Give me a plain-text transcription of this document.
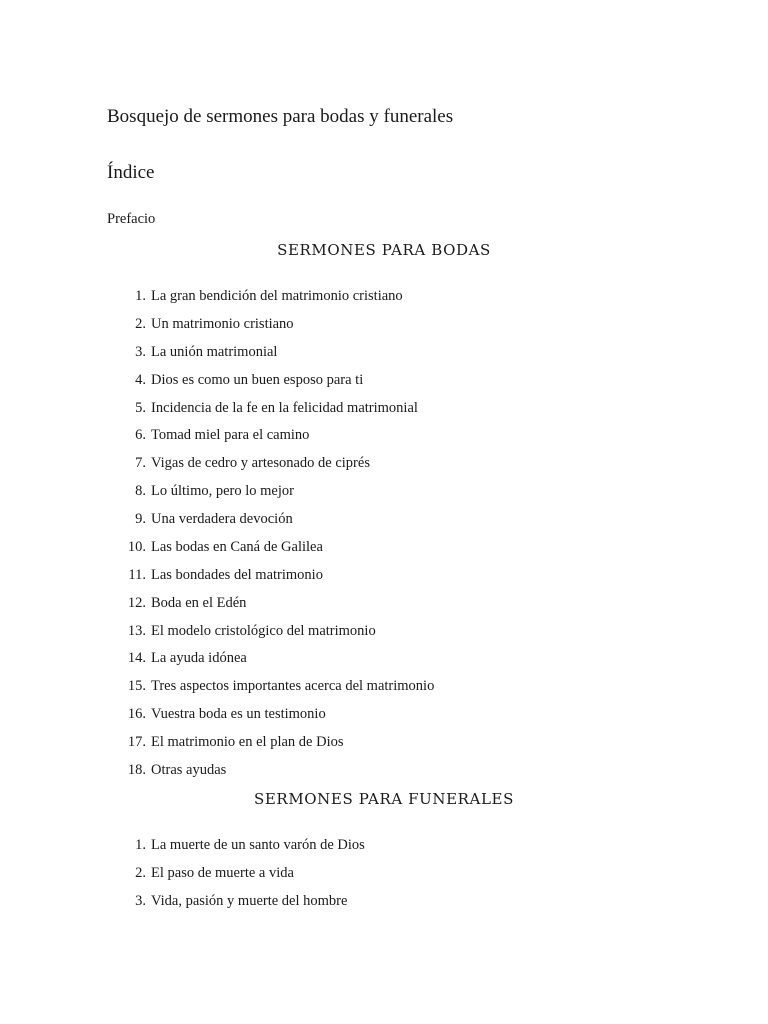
Bosquejo de sermones para bodas y funerales
Índice
Prefacio
SERMONES PARA BODAS
1. La gran bendición del matrimonio cristiano
2. Un matrimonio cristiano
3. La unión matrimonial
4. Dios es como un buen esposo para ti
5. Incidencia de la fe en la felicidad matrimonial
6. Tomad miel para el camino
7. Vigas de cedro y artesonado de ciprés
8. Lo último, pero lo mejor
9. Una verdadera devoción
10. Las bodas en Caná de Galilea
11. Las bondades del matrimonio
12. Boda en el Edén
13. El modelo cristológico del matrimonio
14. La ayuda idónea
15. Tres aspectos importantes acerca del matrimonio
16. Vuestra boda es un testimonio
17. El matrimonio en el plan de Dios
18. Otras ayudas
SERMONES PARA FUNERALES
1. La muerte de un santo varón de Dios
2. El paso de muerte a vida
3. Vida, pasión y muerte del hombre
